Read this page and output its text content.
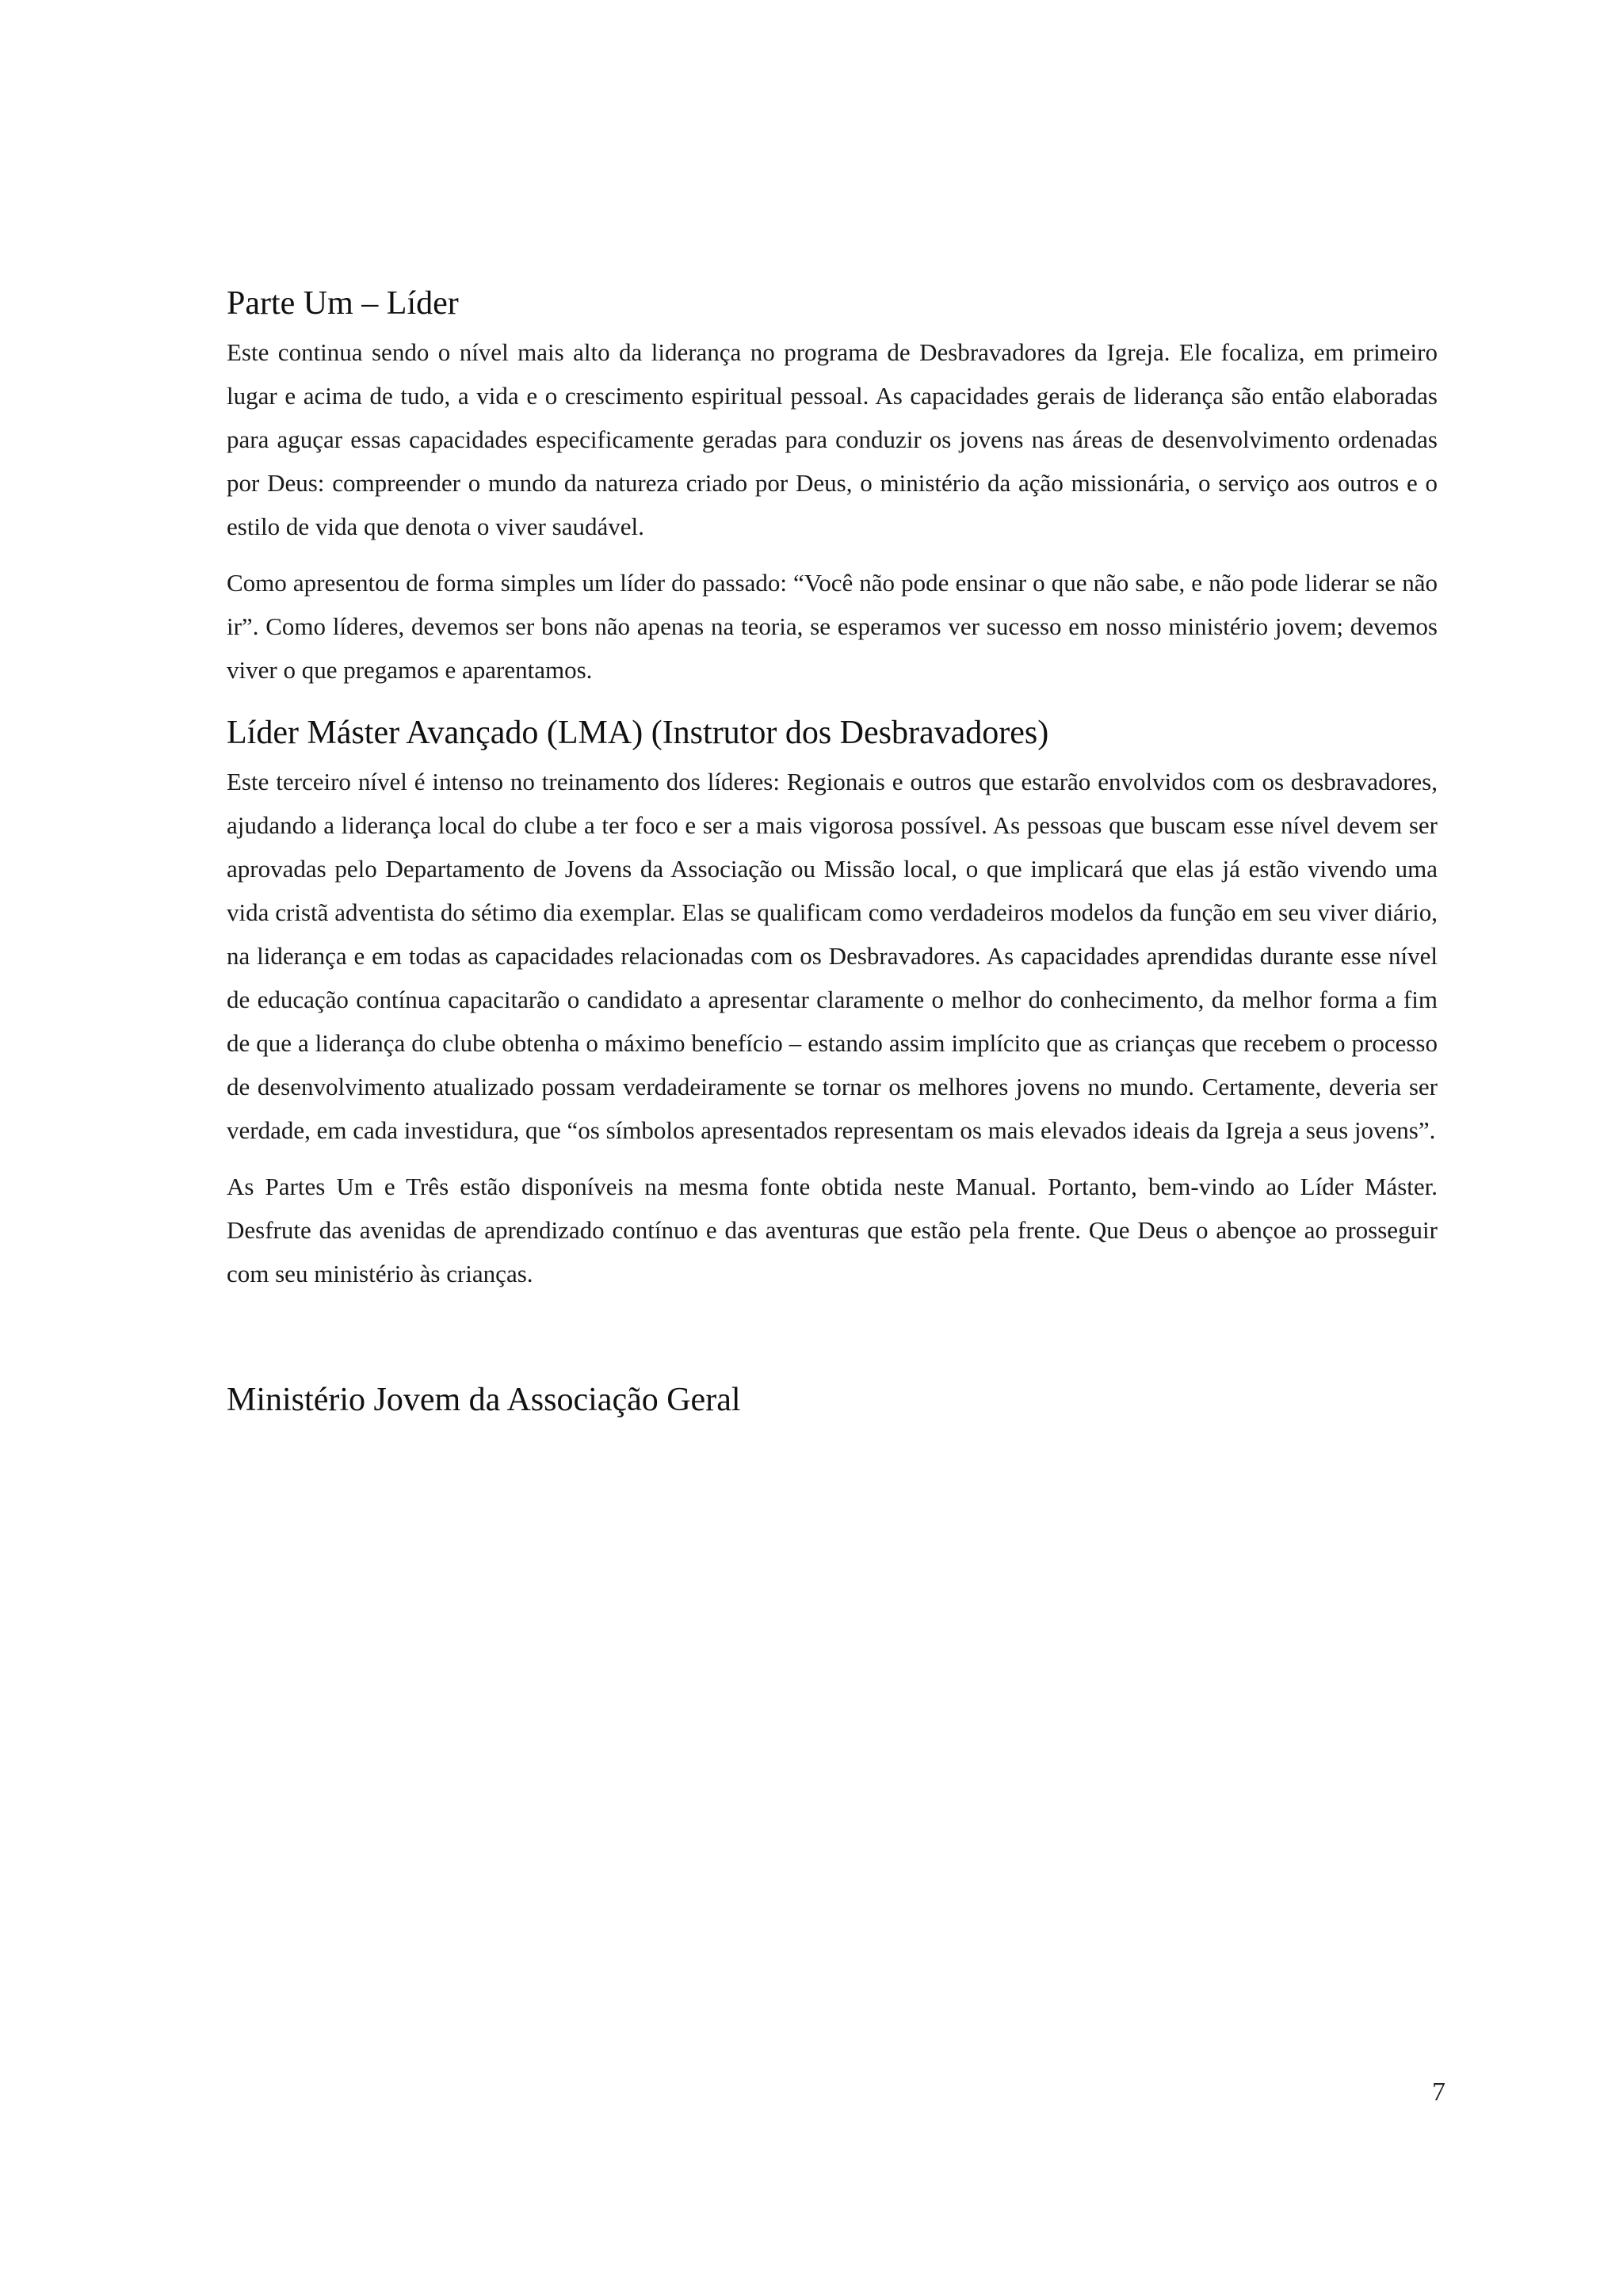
Parte Um – Líder

Este continua sendo o nível mais alto da liderança no programa de Desbravadores da Igreja. Ele focaliza, em primeiro lugar e acima de tudo, a vida e o crescimento espiritual pessoal. As capacidades gerais de liderança são então elaboradas para aguçar essas capacidades especificamente geradas para conduzir os jovens nas áreas de desenvolvimento ordenadas por Deus: compreender o mundo da natureza criado por Deus, o ministério da ação missionária, o serviço aos outros e o estilo de vida que denota o viver saudável.

Como apresentou de forma simples um líder do passado: “Você não pode ensinar o que não sabe, e não pode liderar se não ir”. Como líderes, devemos ser bons não apenas na teoria, se esperamos ver sucesso em nosso ministério jovem; devemos viver o que pregamos e aparentamos.

Líder Máster Avançado (LMA) (Instrutor dos Desbravadores)

Este terceiro nível é intenso no treinamento dos líderes: Regionais e outros que estarão envolvidos com os desbravadores, ajudando a liderança local do clube a ter foco e ser a mais vigorosa possível. As pessoas que buscam esse nível devem ser aprovadas pelo Departamento de Jovens da Associação ou Missão local, o que implicará que elas já estão vivendo uma vida cristã adventista do sétimo dia exemplar. Elas se qualificam como verdadeiros modelos da função em seu viver diário, na liderança e em todas as capacidades relacionadas com os Desbravadores. As capacidades aprendidas durante esse nível de educação contínua capacitarão o candidato a apresentar claramente o melhor do conhecimento, da melhor forma a fim de que a liderança do clube obtenha o máximo benefício – estando assim implícito que as crianças que recebem o processo de desenvolvimento atualizado possam verdadeiramente se tornar os melhores jovens no mundo. Certamente, deveria ser verdade, em cada investidura, que “os símbolos apresentados representam os mais elevados ideais da Igreja a seus jovens”.

As Partes Um e Três estão disponíveis na mesma fonte obtida neste Manual. Portanto, bem-vindo ao Líder Máster. Desfrute das avenidas de aprendizado contínuo e das aventuras que estão pela frente. Que Deus o abençoe ao prosseguir com seu ministério às crianças.

Ministério Jovem da Associação Geral
7
